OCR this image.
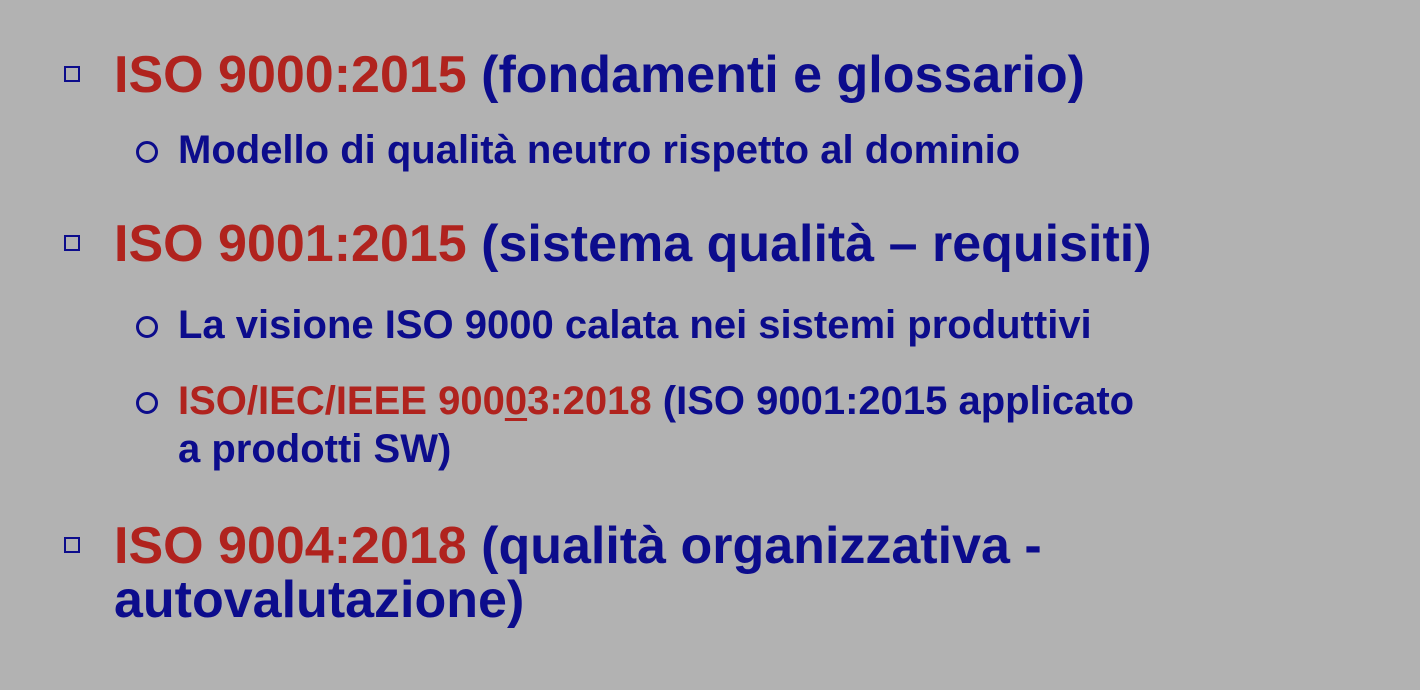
ISO 9000:2015 (fondamenti e glossario)
Modello di qualità neutro rispetto al dominio
ISO 9001:2015 (sistema qualità – requisiti)
La visione ISO 9000 calata nei sistemi produttivi
ISO/IEC/IEEE 90003:2018 (ISO 9001:2015 applicato
a prodotti SW)
ISO 9004:2018 (qualità organizzativa -
autovalutazione)
